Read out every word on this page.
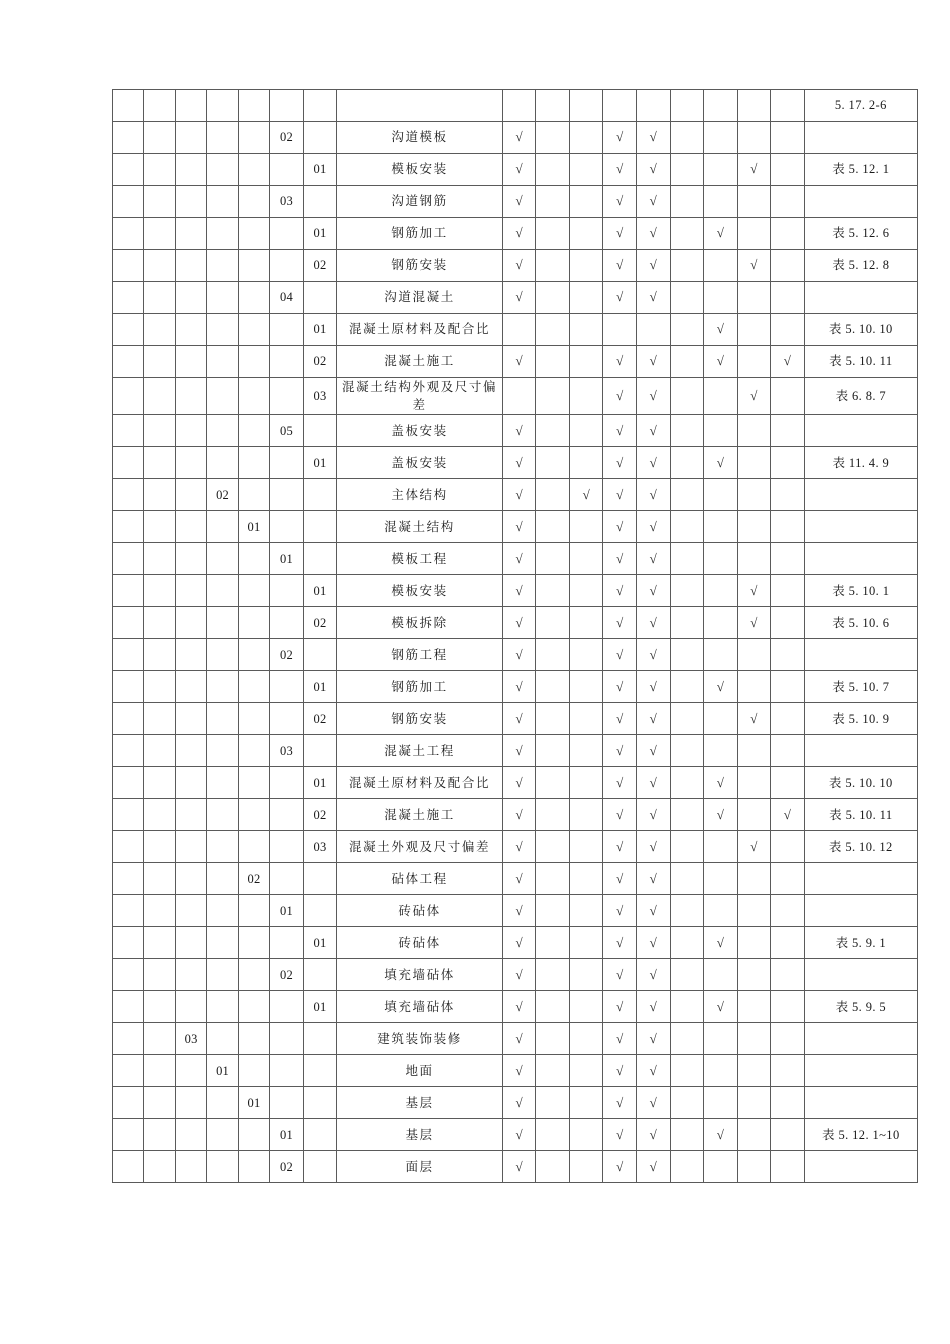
																	5. 17. 2-6
					02		沟道模板	√			√	√					
						01	模板安装	√			√	√			√		表 5. 12. 1
					03		沟道钢筋	√			√	√					
						01	钢筋加工	√			√	√		√			表 5. 12. 6
						02	钢筋安装	√			√	√			√		表 5. 12. 8
					04		沟道混凝土	√			√	√					
						01	混凝土原材料及配合比							√			表 5. 10. 10
						02	混凝土施工	√			√	√		√		√	表 5. 10. 11
						03	混凝土结构外观及尺寸偏差				√	√			√		表 6. 8. 7
					05		盖板安装	√			√	√					
						01	盖板安装	√			√	√		√			表 11. 4. 9
			02				主体结构	√		√	√	√					
				01			混凝土结构	√			√	√					
					01		模板工程	√			√	√					
						01	模板安装	√			√	√			√		表 5. 10. 1
						02	模板拆除	√			√	√			√		表 5. 10. 6
					02		钢筋工程	√			√	√					
						01	钢筋加工	√			√	√		√			表 5. 10. 7
						02	钢筋安装	√			√	√			√		表 5. 10. 9
					03		混凝土工程	√			√	√					
						01	混凝土原材料及配合比	√			√	√		√			表 5. 10. 10
						02	混凝土施工	√			√	√		√		√	表 5. 10. 11
						03	混凝土外观及尺寸偏差	√			√	√			√		表 5. 10. 12
				02			砧体工程	√			√	√					
					01		砖砧体	√			√	√					
						01	砖砧体	√			√	√		√			表 5. 9. 1
					02		填充墙砧体	√			√	√					
						01	填充墙砧体	√			√	√		√			表 5. 9. 5
		03					建筑装饰装修	√			√	√					
			01				地面	√			√	√					
				01			基层	√			√	√					
					01		基层	√			√	√		√			表 5. 12. 1~10
					02		面层	√			√	√					
